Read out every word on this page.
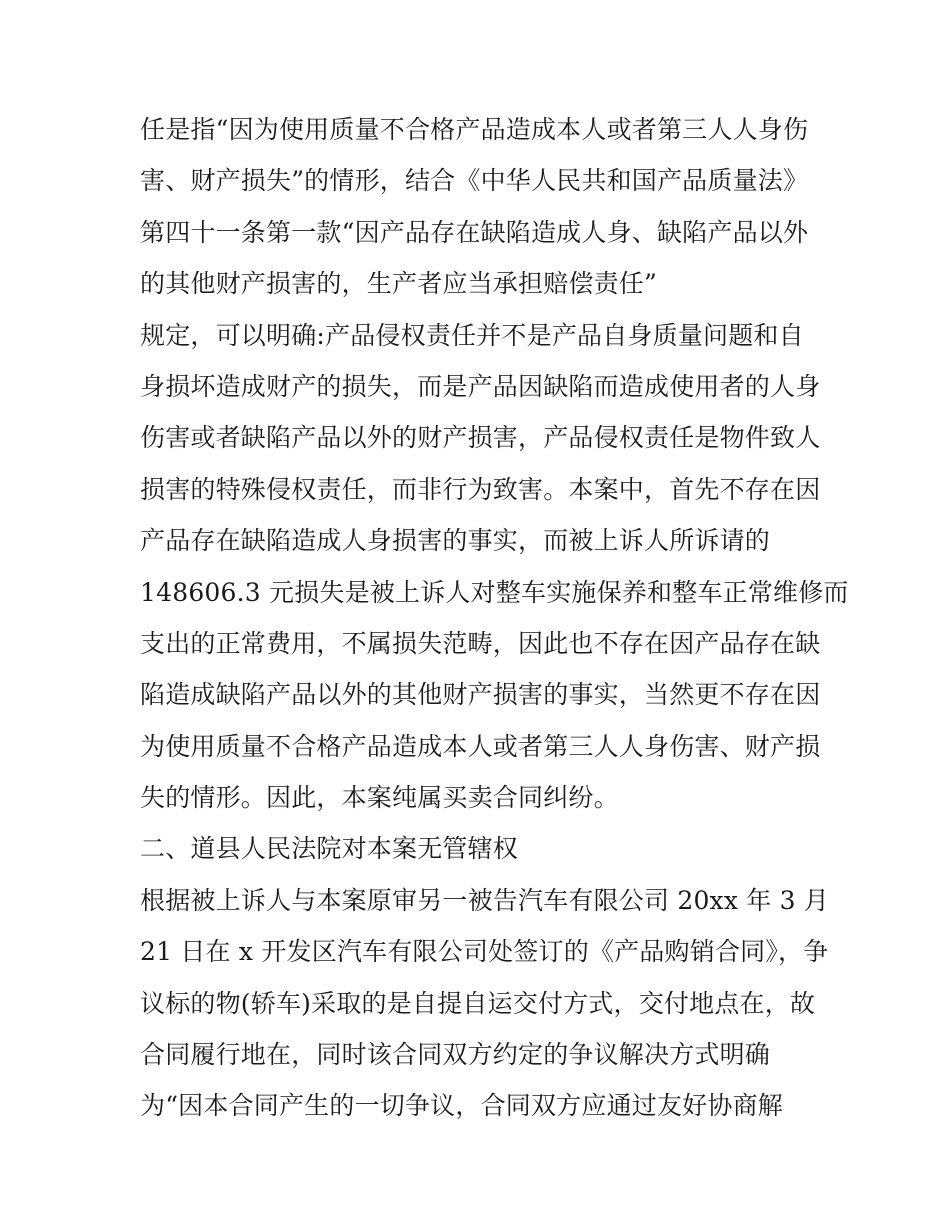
任是指“因为使用质量不合格产品造成本人或者第三人人身伤
害、财产损失”的情形，结合《中华人民共和国产品质量法》
第四十一条第一款“因产品存在缺陷造成人身、缺陷产品以外
的其他财产损害的，生产者应当承担赔偿责任”
规定，可以明确:产品侵权责任并不是产品自身质量问题和自
身损坏造成财产的损失，而是产品因缺陷而造成使用者的人身
伤害或者缺陷产品以外的财产损害，产品侵权责任是物件致人
损害的特殊侵权责任，而非行为致害。本案中，首先不存在因
产品存在缺陷造成人身损害的事实，而被上诉人所诉请的
148606.3 元损失是被上诉人对整车实施保养和整车正常维修而
支出的正常费用，不属损失范畴，因此也不存在因产品存在缺
陷造成缺陷产品以外的其他财产损害的事实，当然更不存在因
为使用质量不合格产品造成本人或者第三人人身伤害、财产损
失的情形。因此，本案纯属买卖合同纠纷。
二、道县人民法院对本案无管辖权
根据被上诉人与本案原审另一被告汽车有限公司 20xx 年 3 月
21 日在 x 开发区汽车有限公司处签订的《产品购销合同》，争
议标的物(轿车)采取的是自提自运交付方式，交付地点在，故
合同履行地在，同时该合同双方约定的争议解决方式明确
为“因本合同产生的一切争议，合同双方应通过友好协商解
